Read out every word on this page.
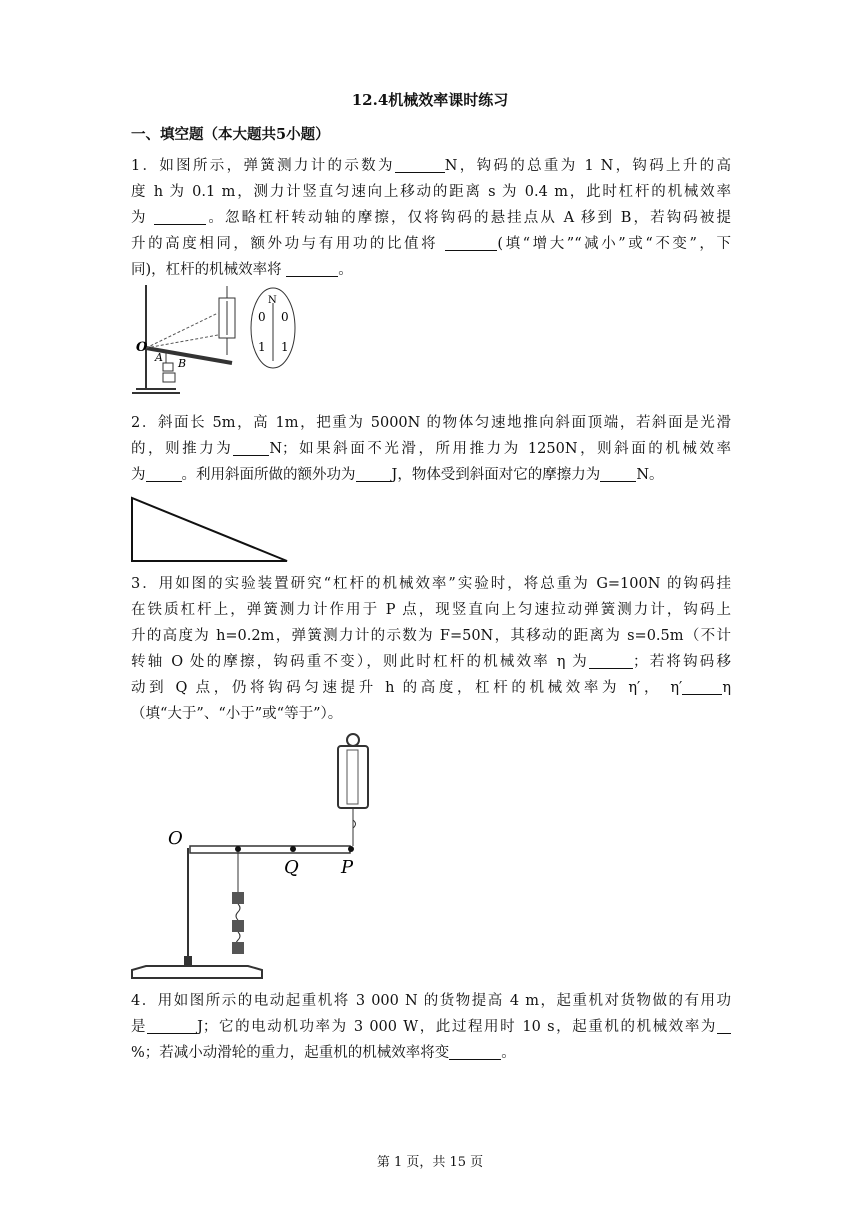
12.4机械效率课时练习
一、填空题（本大题共5小题）
1．如图所示，弹簧测力计的示数为	N，钩码的总重为 1 N，钩码上升的高
度 h 为 0.1 m，测力计竖直匀速向上移动的距离 s 为 0.4 m，此时杠杆的机械效率
为	。忽略杠杆转动轴的摩擦，仅将钩码的悬挂点从 A 移到 B，若钩码被提
升的高度相同，额外功与有用功的比值将	(填“增大”“减小”或“不变”，下
同)，杠杆的机械效率将	。
O
A B
N
0 0
1 1
2．斜面长 5m，高 1m，把重为 5000N 的物体匀速地推向斜面顶端，若斜面是光滑
的，则推力为 N；如果斜面不光滑，所用推力为 1250N，则斜面的机械效率
为 。利用斜面所做的额外功为 J，物体受到斜面对它的摩擦力为 N。
3．用如图的实验装置研究“杠杆的机械效率”实验时，将总重为 G=100N 的钩码挂
在铁质杠杆上，弹簧测力计作用于 P 点，现竖直向上匀速拉动弹簧测力计，钩码上
升的高度为 h=0.2m，弹簧测力计的示数为 F=50N，其移动的距离为 s=0.5m（不计
转轴 O 处的摩擦，钩码重不变），则此时杠杆的机械效率 η 为	；若将钩码移
动到 Q 点，仍将钩码匀速提升 h 的高度，杠杆的机械效率为 η′， η′	η
（填“大于”、“小于”或“等于”）。
O
Q P
4．用如图所示的电动起重机将 3 000 N 的货物提高 4 m，起重机对货物做的有用功
是	J；它的电动机功率为 3 000 W，此过程用时 10 s，起重机的机械效率为
%；若减小动滑轮的重力，起重机的机械效率将变	。
第 1 页，共 15 页
